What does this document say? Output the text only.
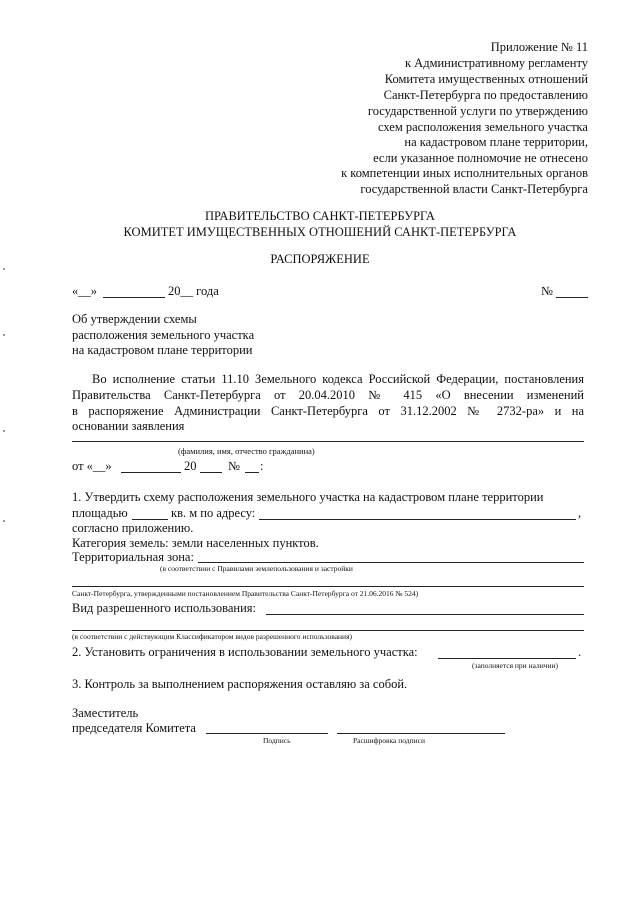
Приложение № 11
к Административному регламенту
Комитета имущественных отношений
Санкт-Петербурга по предоставлению
государственной услуги по утверждению
схем расположения земельного участка
на кадастровом плане территории,
если указанное полномочие не отнесено
к компетенции иных исполнительных органов
государственной власти Санкт-Петербурга
ПРАВИТЕЛЬСТВО САНКТ-ПЕТЕРБУРГА
КОМИТЕТ ИМУЩЕСТВЕННЫХ ОТНОШЕНИЙ САНКТ-ПЕТЕРБУРГА
РАСПОРЯЖЕНИЕ
«__»	20__ года	№
Об утверждении схемы
расположения земельного участка
на кадастровом плане территории
Во исполнение статьи 11.10 Земельного кодекса Российской Федерации, постановления
Правительства Санкт-Петербурга от 20.04.2010 № 415 «О внесении изменений
в распоряжение Администрации Санкт-Петербурга от 31.12.2002 № 2732-ра» и на
основании заявления
(фамилия, имя, отчество гражданина)
от «__»	20	№ :
1. Утвердить схему расположения земельного участка на кадастровом плане территории
площадью	кв. м по адресу:	,
согласно приложению.
Категория земель: земли населенных пунктов.
Территориальная зона:
(в соответствии с Правилами землепользования и застройки
Санкт-Петербурга, утвержденными постановлением Правительства Санкт-Петербурга от 21.06.2016 № 524)
Вид разрешенного использования:
(в соответствии с действующим Классификатором видов разрешенного использования)
2. Установить ограничения в использовании земельного участка:	.
(заполняется при наличии)
3. Контроль за выполнением распоряжения оставляю за собой.
Заместитель
председателя Комитета
Подпись	Расшифровка подписи
